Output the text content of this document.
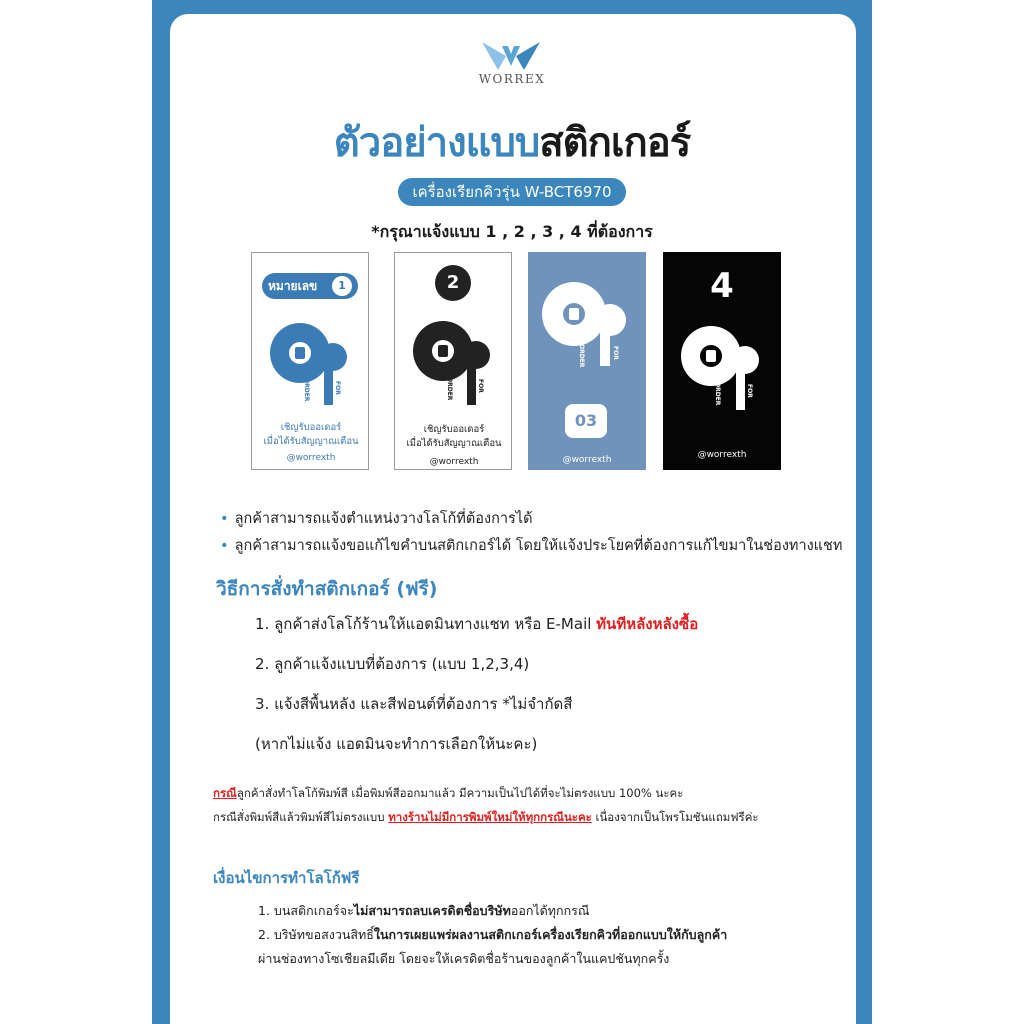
WORREX
ตัวอย่างแบบสติกเกอร์
เครื่องเรียกคิวรุ่น W-BCT6970
*กรุณาแจ้งแบบ 1 , 2 , 3 , 4 ที่ต้องการ
หมายเลข	1
ORDER	FOR
เชิญรับออเดอร์
เมื่อได้รับสัญญาณเตือน
@worrexth
2
ORDER	FOR
เชิญรับออเดอร์
เมื่อได้รับสัญญาณเตือน
@worrexth
ORDER	FOR
03
@worrexth
4
ORDER	FOR
@worrexth
• ลูกค้าสามารถแจ้งตำแหน่งวางโลโก้ที่ต้องการได้
• ลูกค้าสามารถแจ้งขอแก้ไขคำบนสติกเกอร์ได้ โดยให้แจ้งประโยคที่ต้องการแก้ไขมาในช่องทางแชท
วิธีการสั่งทำสติกเกอร์ (ฟรี)
1. ลูกค้าส่งโลโก้ร้านให้แอดมินทางแชท หรือ E-Mail ทันทีหลังหลังซื้อ
2. ลูกค้าแจ้งแบบที่ต้องการ (แบบ 1,2,3,4)
3. แจ้งสีพื้นหลัง และสีฟอนต์ที่ต้องการ *ไม่จำกัดสี
(หากไม่แจ้ง แอดมินจะทำการเลือกให้นะคะ)
กรณีลูกค้าสั่งทำโลโก้พิมพ์สี เมื่อพิมพ์สีออกมาแล้ว มีความเป็นไปได้ที่จะไม่ตรงแบบ 100% นะคะ
กรณีสั่งพิมพ์สีแล้วพิมพ์สีไม่ตรงแบบ ทางร้านไม่มีการพิมพ์ใหม่ให้ทุกกรณีนะคะ เนื่องจากเป็นโพรโมชันแถมฟรีค่ะ
เงื่อนไขการทำโลโก้ฟรี
1. บนสติกเกอร์จะไม่สามารถลบเครดิตชื่อบริษัทออกได้ทุกกรณี
2. บริษัทขอสงวนสิทธิ์ในการเผยแพร่ผลงานสติกเกอร์เครื่องเรียกคิวที่ออกแบบให้กับลูกค้า
ผ่านช่องทางโซเชียลมีเดีย โดยจะให้เครดิตชื่อร้านของลูกค้าในแคปชันทุกครั้ง
